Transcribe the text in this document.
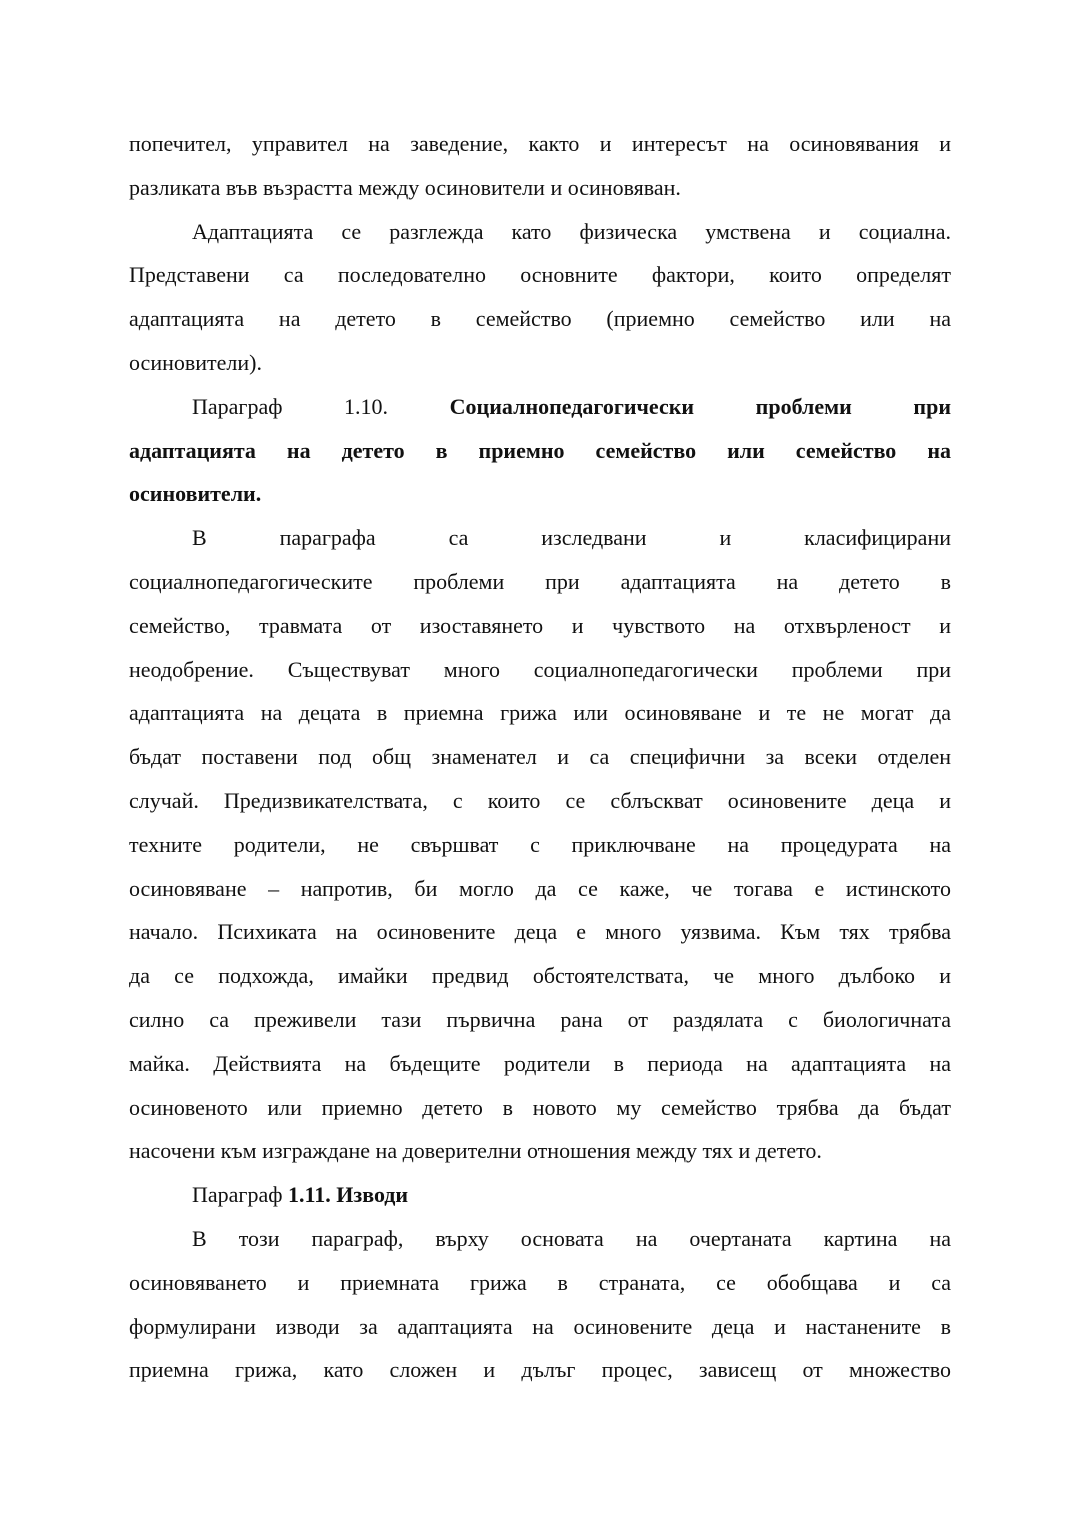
попечител, управител на заведение, както и интересът на осиновявания и
разликата във възрастта между осиновители и осиновяван.
Адаптацията се разглежда като физическа умствена и социална.
Представени са последователно основните фактори, които определят
адаптацията на детето в семейство (приемно семейство или на
осиновители).
Параграф 1.10.	Социалнопедагогически проблеми при
адаптацията на детето в приемно семейство или семейство на
осиновители.
В параграфа са изследвани и класифицирани
социалнопедагогическите проблеми при адаптацията на детето в
семейство, травмата от изоставянето и чувството на отхвърленост и
неодобрение. Съществуват много социалнопедагогически проблеми при
адаптацията на децата в приемна грижа или осиновяване и те не могат да
бъдат поставени под общ знаменател и са специфични за всеки отделен
случай. Предизвикателствата, с които се сблъскват осиновените деца и
техните родители, не свършват с приключване на процедурата на
осиновяване – напротив, би могло да се каже, че тогава е истинското
начало. Психиката на осиновените деца е много уязвима. Към тях трябва
да се подхожда, имайки предвид обстоятелствата, че много дълбоко и
силно са преживели тази първична рана от раздялата с биологичната
майка. Действията на бъдещите родители в периода на адаптацията на
осиновеното или приемно детето в новото му семейство трябва да бъдат
насочени към изграждане на доверителни отношения между тях и детето.
Параграф 1.11. Изводи
В този параграф, върху основата на очертаната картина на
осиновяването и приемната грижа в страната, се обобщава и са
формулирани изводи за адаптацията на осиновените деца и настанените в
приемна грижа, като сложен и дълъг процес, зависещ от множество
